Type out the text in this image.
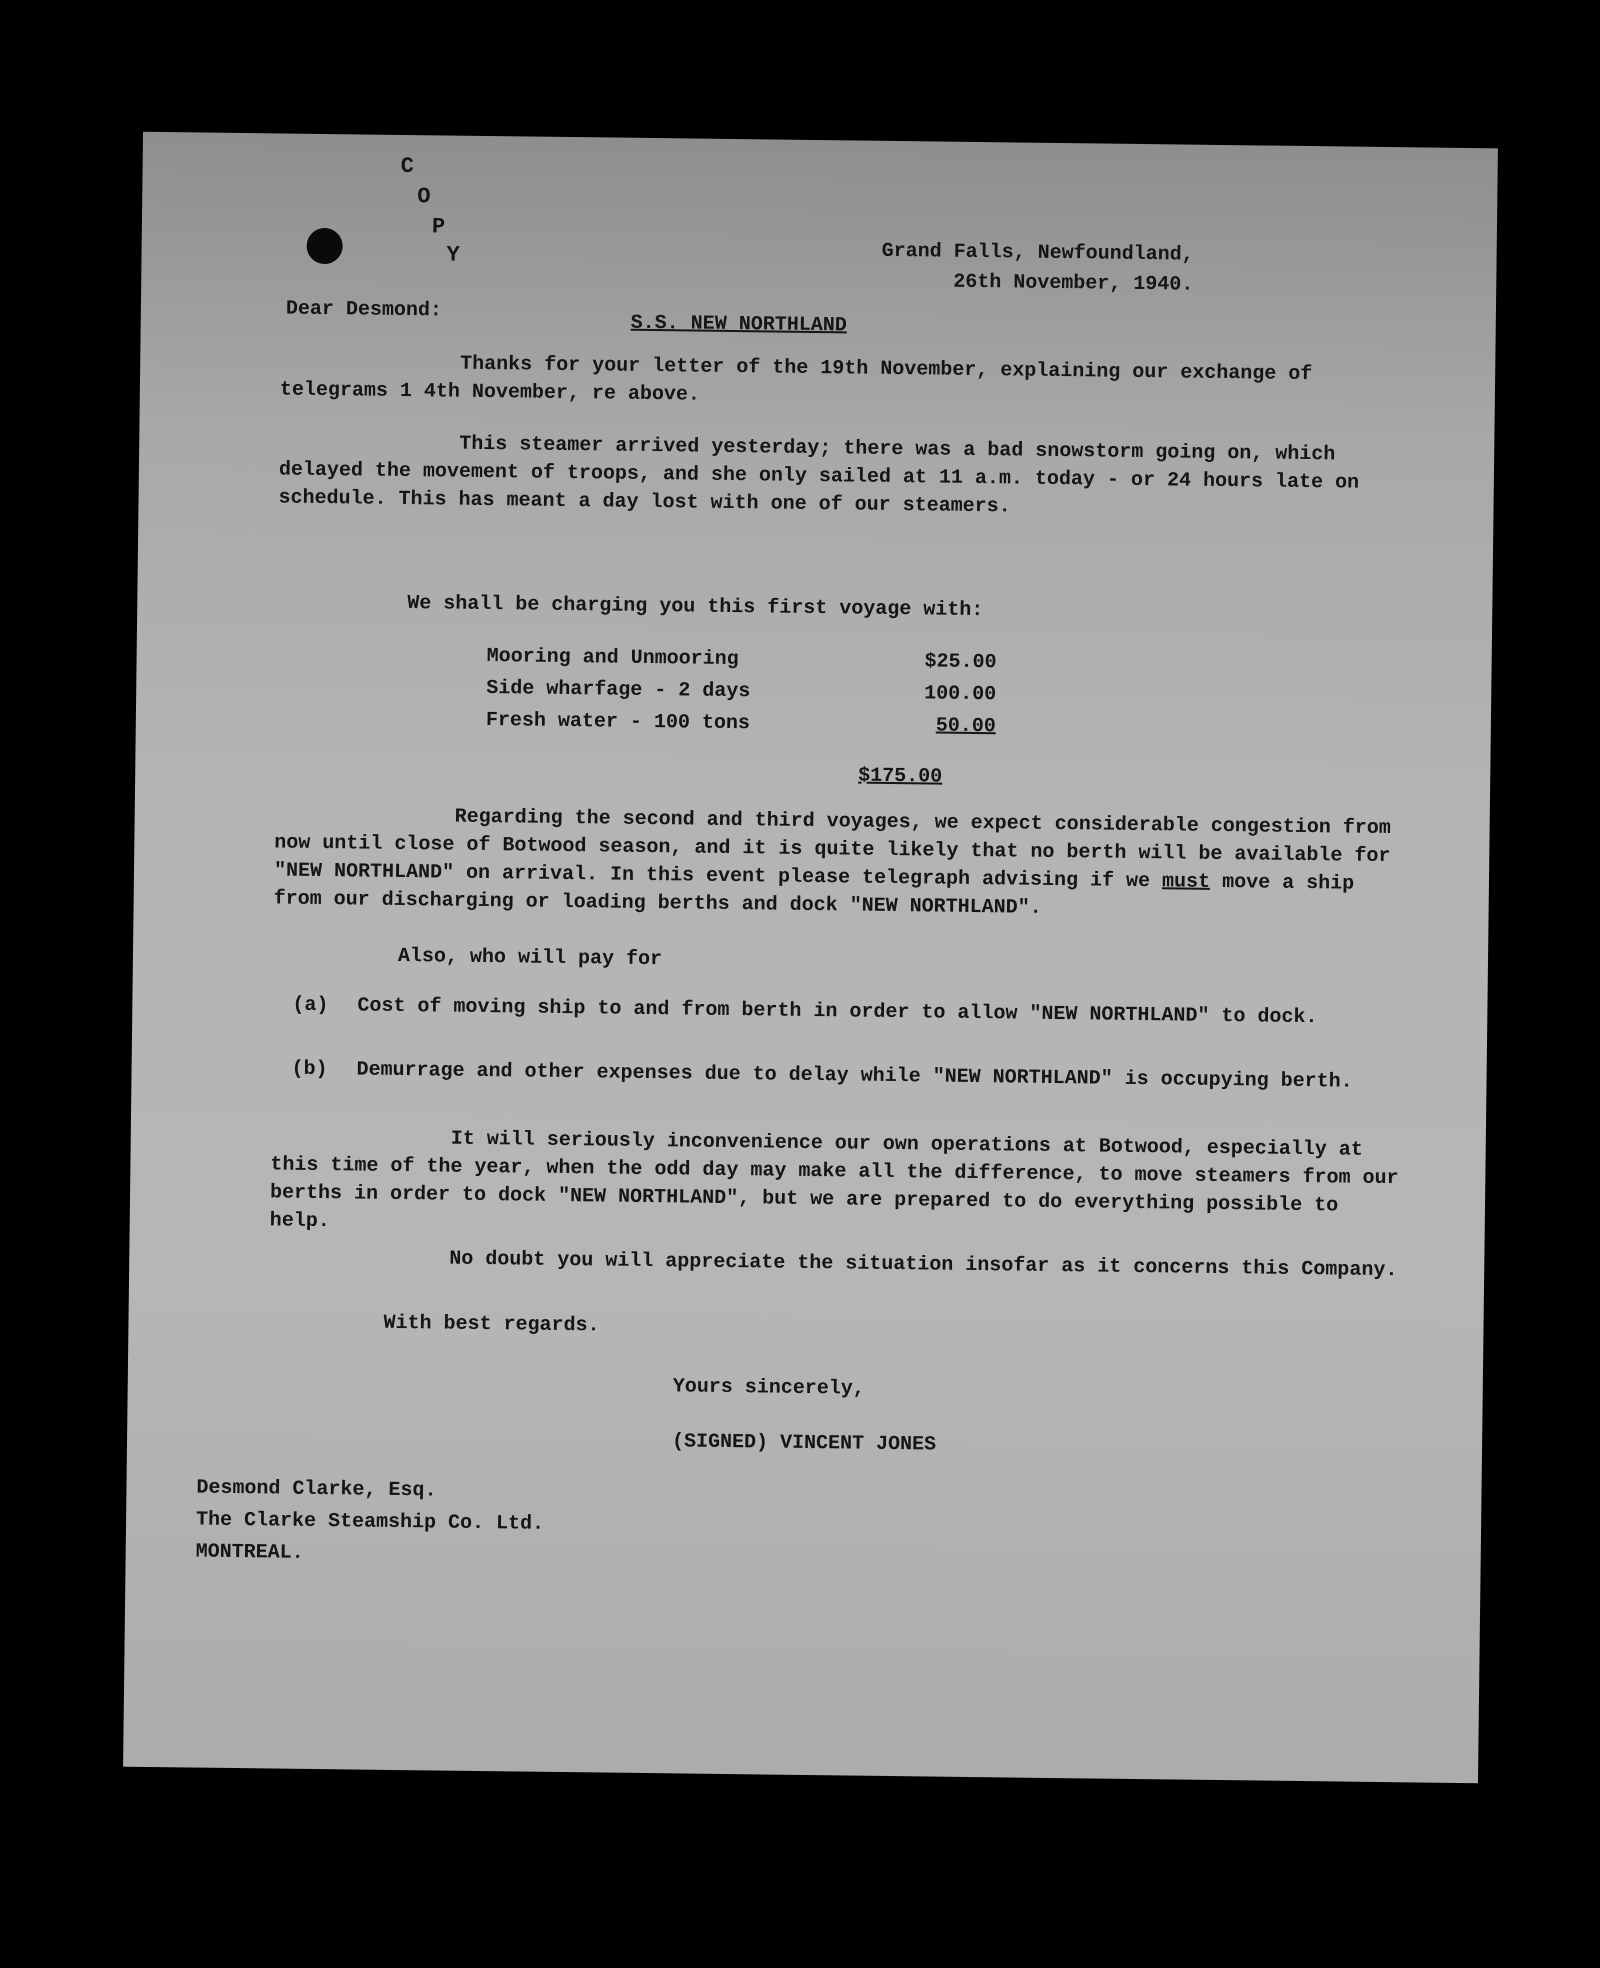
C
O
P
Y	Grand Falls, Newfoundland,
26th November, 1940.
Dear Desmond:
S.S. NEW NORTHLAND
Thanks for your letter of the 19th November, explaining our exchange of telegrams 1 4th November, re above.
This steamer arrived yesterday; there was a bad snowstorm going on, which delayed the movement of troops, and she only sailed at 11 a.m. today - or 24 hours late on schedule. This has meant a day lost with one of our steamers.
We shall be charging you this first voyage with:
Mooring and Unmooring	$25.00
Side wharfage - 2 days	100.00
Fresh water - 100 tons	50.00
$175.00
Regarding the second and third voyages, we expect considerable congestion from now until close of Botwood season, and it is quite likely that no berth will be available for "NEW NORTHLAND" on arrival. In this event please telegraph advising if we must move a ship from our discharging or loading berths and dock "NEW NORTHLAND".
Also, who will pay for
(a) Cost of moving ship to and from berth in order to allow "NEW NORTHLAND" to dock.
(b) Demurrage and other expenses due to delay while "NEW NORTHLAND" is occupying berth.
It will seriously inconvenience our own operations at Botwood, especially at this time of the year, when the odd day may make all the difference, to move steamers from our berths in order to dock "NEW NORTHLAND", but we are prepared to do everything possible to help.
No doubt you will appreciate the situation insofar as it concerns this Company.
With best regards.
Yours sincerely,
(SIGNED) VINCENT JONES
Desmond Clarke, Esq.
The Clarke Steamship Co. Ltd.
MONTREAL.
